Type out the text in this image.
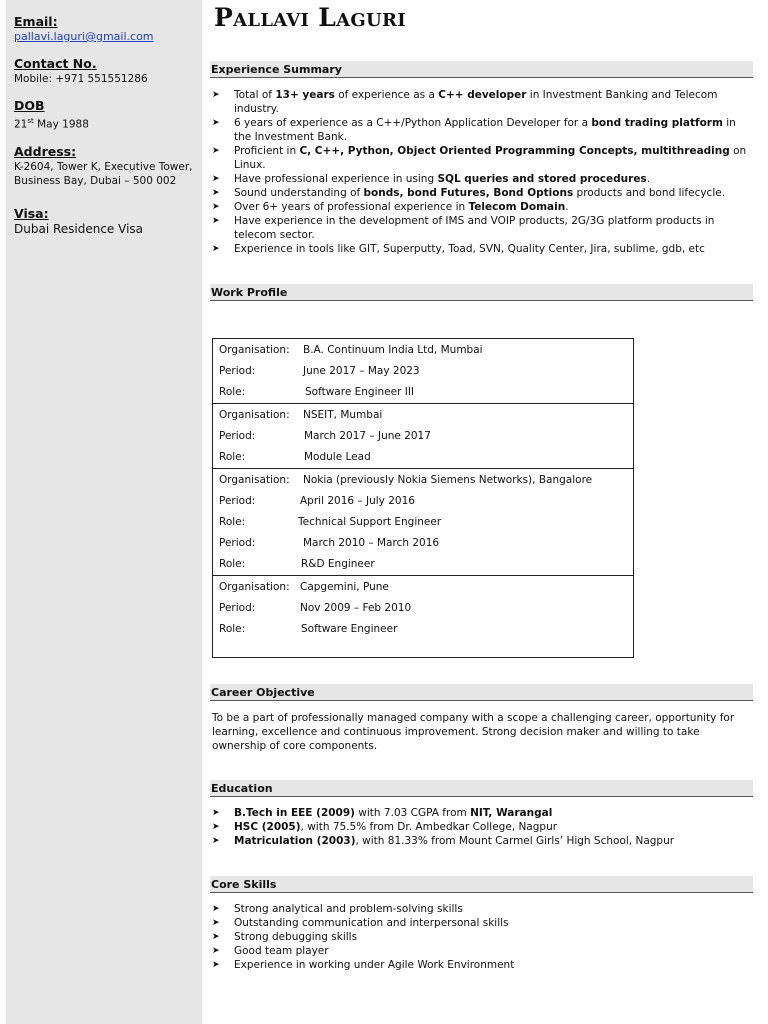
Email:
pallavi.laguri@gmail.com
Contact No.
Mobile: +971 551551286
DOB
21st May 1988
Address:
K-2604, Tower K, Executive Tower,
Business Bay, Dubai – 500 002
Visa:
Dubai Residence Visa
Pallavi Laguri
Experience Summary
➤ Total of 13+ years of experience as a C++ developer in Investment Banking and Telecom industry.
➤ 6 years of experience as a C++/Python Application Developer for a bond trading platform in the Investment Bank.
➤ Proficient in C, C++, Python, Object Oriented Programming Concepts, multithreading on Linux.
➤ Have professional experience in using SQL queries and stored procedures.
➤ Sound understanding of bonds, bond Futures, Bond Options products and bond lifecycle.
➤ Over 6+ years of professional experience in Telecom Domain.
➤ Have experience in the development of IMS and VOIP products, 2G/3G platform products in telecom sector.
➤ Experience in tools like GIT, Superputty, Toad, SVN, Quality Center, Jira, sublime, gdb, etc
Work Profile
Organisation: B.A. Continuum India Ltd, Mumbai
Period:	June 2017 – May 2023
Role:	Software Engineer III
Organisation: NSEIT, Mumbai
Period:	March 2017 – June 2017
Role:	Module Lead
Organisation: Nokia (previously Nokia Siemens Networks), Bangalore
Period:	April 2016 – July 2016
Role:	Technical Support Engineer
Period:	March 2010 – March 2016
Role:	R&D Engineer
Organisation: Capgemini, Pune
Period:	Nov 2009 – Feb 2010
Role:	Software Engineer
Career Objective
To be a part of professionally managed company with a scope a challenging career, opportunity for learning, excellence and continuous improvement. Strong decision maker and willing to take ownership of core components.
Education
➤ B.Tech in EEE (2009) with 7.03 CGPA from NIT, Warangal
➤ HSC (2005), with 75.5% from Dr. Ambedkar College, Nagpur
➤ Matriculation (2003), with 81.33% from Mount Carmel Girls’ High School, Nagpur
Core Skills
➤ Strong analytical and problem-solving skills
➤ Outstanding communication and interpersonal skills
➤ Strong debugging skills
➤ Good team player
➤ Experience in working under Agile Work Environment
